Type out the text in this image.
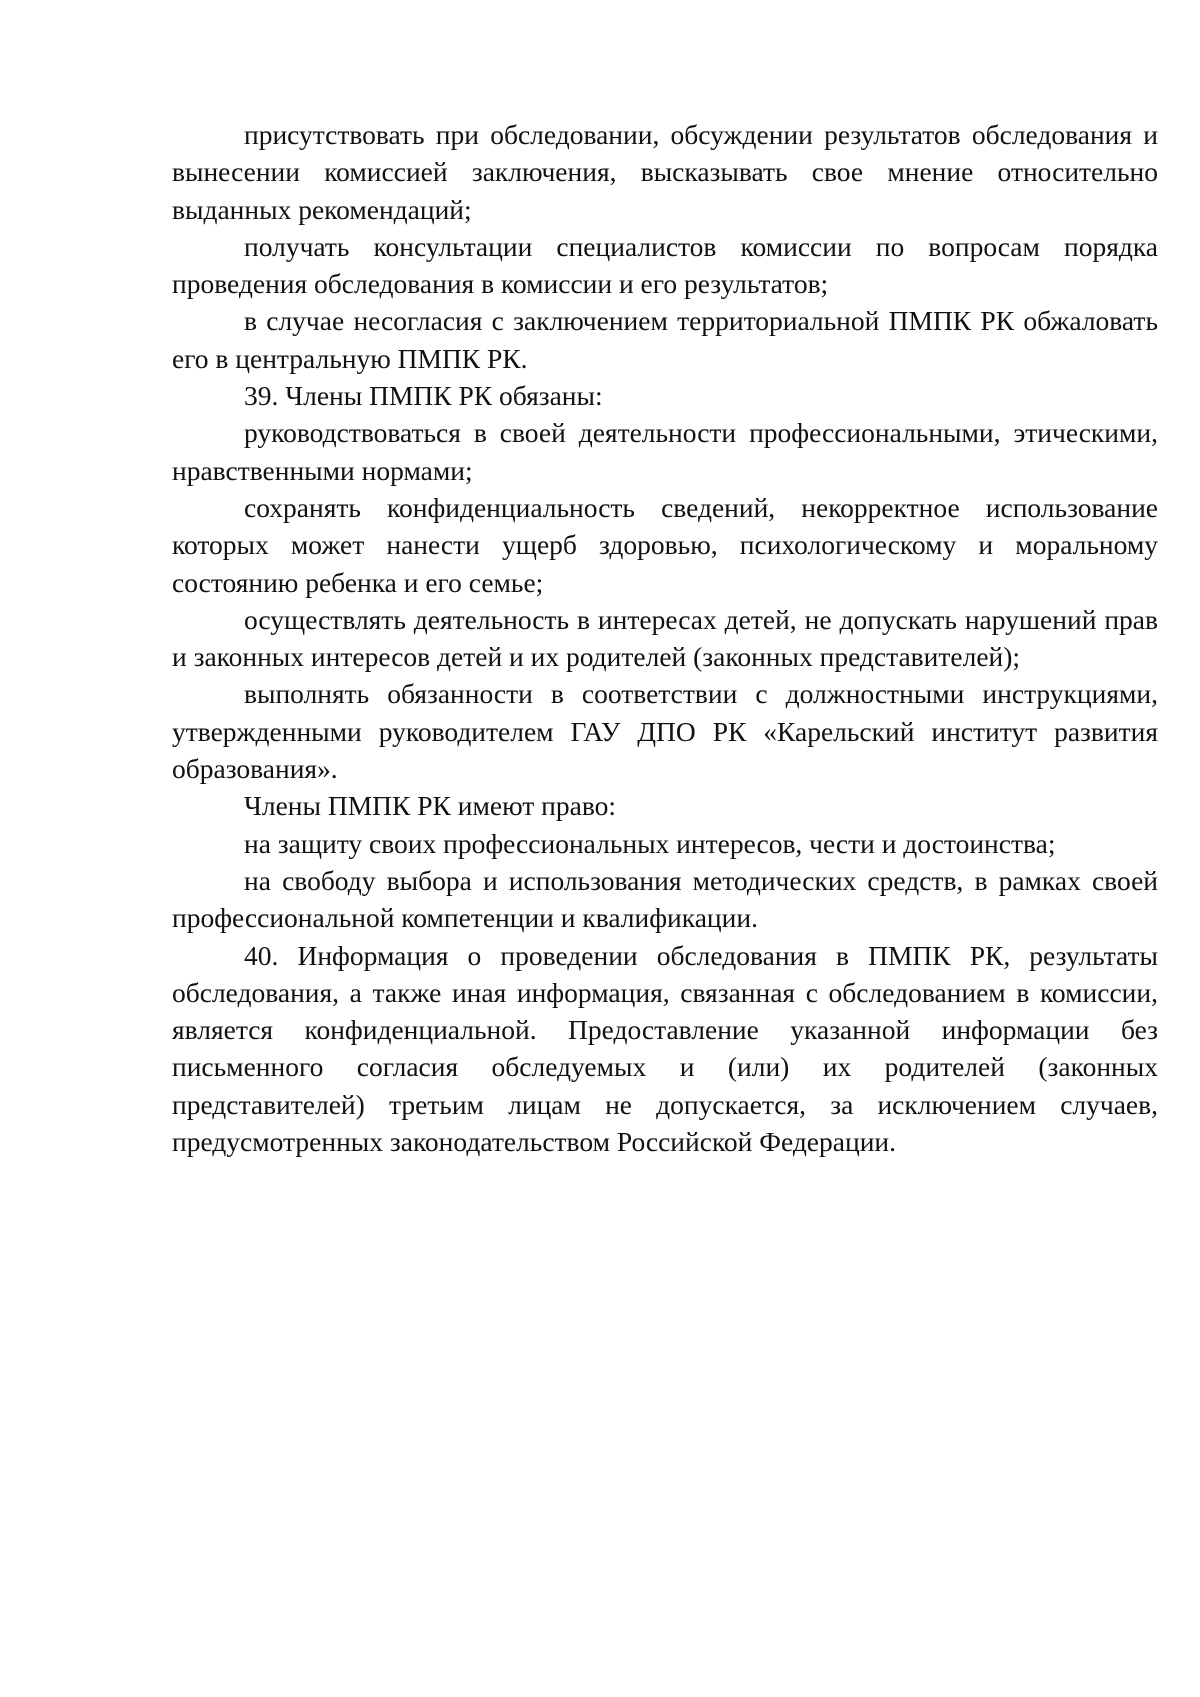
присутствовать при обследовании, обсуждении результатов обследования и вынесении комиссией заключения, высказывать свое мнение относительно выданных рекомендаций;

получать консультации специалистов комиссии по вопросам порядка проведения обследования в комиссии и его результатов;

в случае несогласия с заключением территориальной ПМПК РК обжаловать его в центральную ПМПК РК.

39. Члены ПМПК РК обязаны:

руководствоваться в своей деятельности профессиональными, этическими, нравственными нормами;

сохранять конфиденциальность сведений, некорректное использование которых может нанести ущерб здоровью, психологическому и моральному состоянию ребенка и его семье;

осуществлять деятельность в интересах детей, не допускать нарушений прав и законных интересов детей и их родителей (законных представителей);

выполнять обязанности в соответствии с должностными инструкциями, утвержденными руководителем ГАУ ДПО РК «Карельский институт развития образования».

Члены ПМПК РК имеют право:

на защиту своих профессиональных интересов, чести и достоинства;

на свободу выбора и использования методических средств, в рамках своей профессиональной компетенции и квалификации.

40. Информация о проведении обследования в ПМПК РК, результаты обследования, а также иная информация, связанная с обследованием в комиссии, является конфиденциальной. Предоставление указанной информации без письменного согласия обследуемых и (или) их родителей (законных представителей) третьим лицам не допускается, за исключением случаев, предусмотренных законодательством Российской Федерации.
